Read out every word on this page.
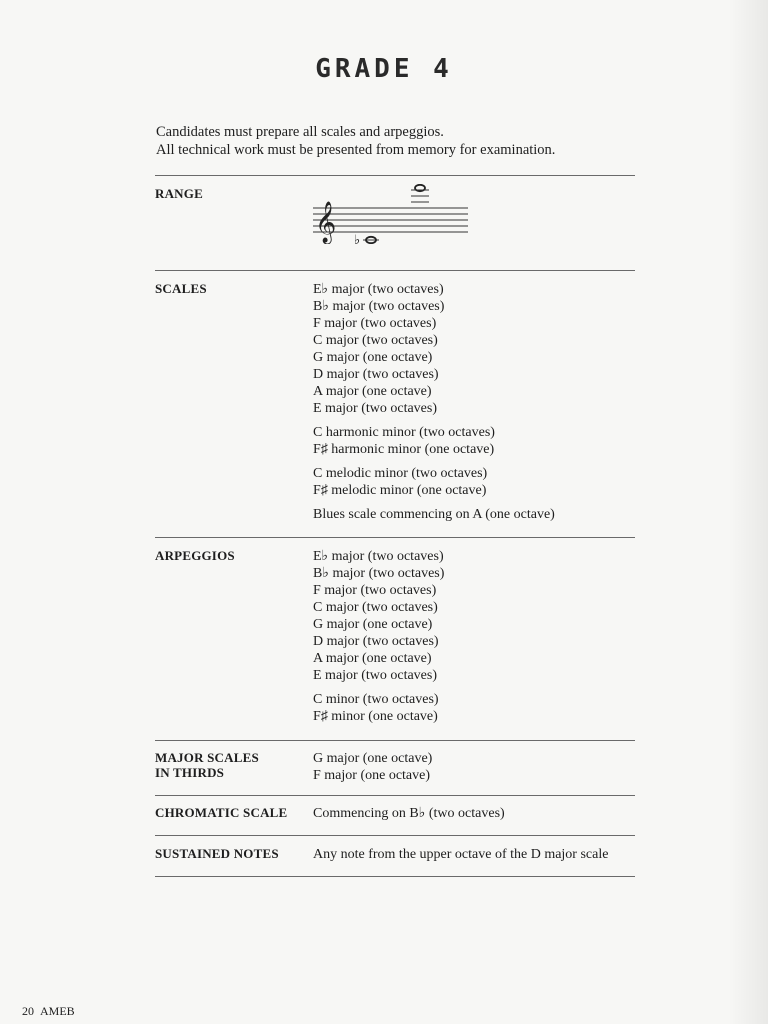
GRADE 4
Candidates must prepare all scales and arpeggios.
All technical work must be presented from memory for examination.
RANGE
𝄞 ♭
SCALES	E♭ major (two octaves)
B♭ major (two octaves)
F major (two octaves)
C major (two octaves)
G major (one octave)
D major (two octaves)
A major (one octave)
E major (two octaves)
C harmonic minor (two octaves)
F♯ harmonic minor (one octave)
C melodic minor (two octaves)
F♯ melodic minor (one octave)
Blues scale commencing on A (one octave)
ARPEGGIOS	E♭ major (two octaves)
B♭ major (two octaves)
F major (two octaves)
C major (two octaves)
G major (one octave)
D major (two octaves)
A major (one octave)
E major (two octaves)
C minor (two octaves)
F♯ minor (one octave)
MAJOR SCALES
IN THIRDS
G major (one octave)
F major (one octave)
CHROMATIC SCALE Commencing on B♭ (two octaves)
SUSTAINED NOTES Any note from the upper octave of the D major scale
20 AMEB
